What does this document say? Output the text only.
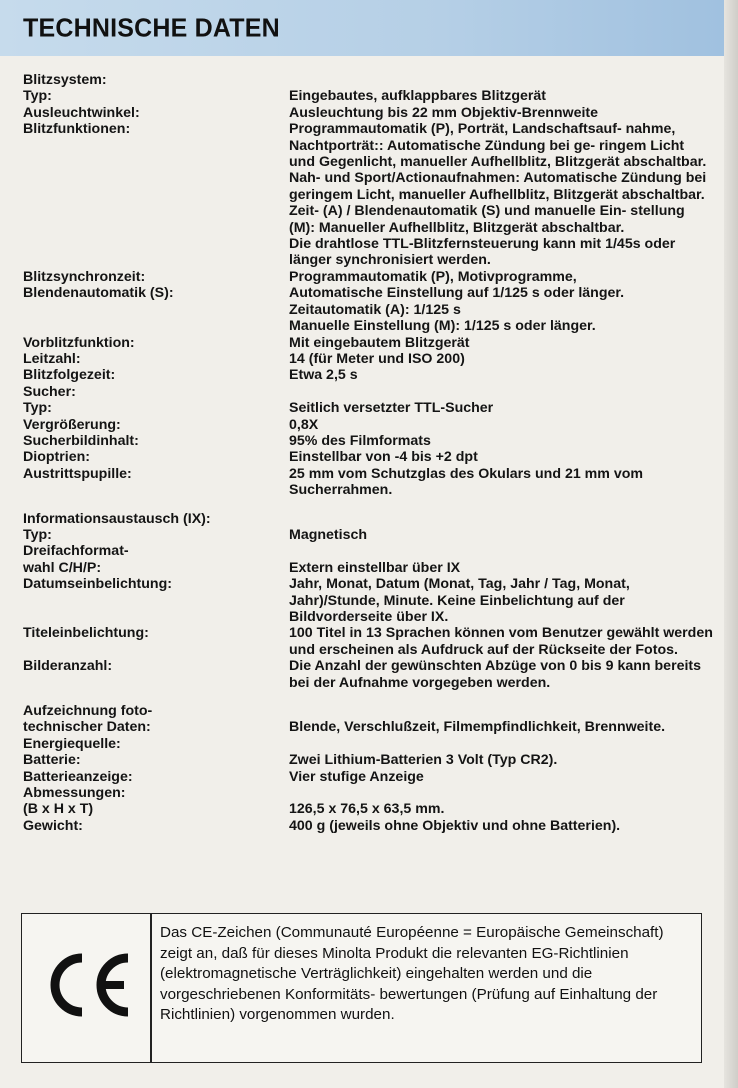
TECHNISCHE DATEN
Blitzsystem:
Typ:	Eingebautes, aufklappbares Blitzgerät
Ausleuchtwinkel:	Ausleuchtung bis 22 mm Objektiv-Brennweite
Blitzfunktionen:	Programmautomatik (P), Porträt, Landschaftsauf- nahme, Nachtporträt:: Automatische Zündung bei ge- ringem Licht und Gegenlicht, manueller Aufhellblitz, Blitzgerät abschaltbar.
Nah- und Sport/Actionaufnahmen: Automatische Zündung bei geringem Licht, manueller Aufhellblitz, Blitzgerät abschaltbar.
Zeit- (A) / Blendenautomatik (S) und manuelle Ein- stellung (M): Manueller Aufhellblitz, Blitzgerät abschaltbar.
Die drahtlose TTL-Blitzfernsteuerung kann mit 1/45s oder länger synchronisiert werden.
Blitzsynchronzeit:	Programmautomatik (P), Motivprogramme,
Blendenautomatik (S):	Automatische Einstellung auf 1/125 s oder länger.
Zeitautomatik (A): 1/125 s
Manuelle Einstellung (M): 1/125 s oder länger.
Vorblitzfunktion:	Mit eingebautem Blitzgerät
Leitzahl:	14 (für Meter und ISO 200)
Blitzfolgezeit:	Etwa 2,5 s
Sucher:
Typ:	Seitlich versetzter TTL-Sucher
Vergrößerung:	0,8X
Sucherbildinhalt:	95% des Filmformats
Dioptrien:	Einstellbar von -4 bis +2 dpt
Austrittspupille:	25 mm vom Schutzglas des Okulars und 21 mm vom Sucherrahmen.
Informationsaustausch (IX):
Typ:	Magnetisch
Dreifachformat-
wahl C/H/P:	Extern einstellbar über IX
Datumseinbelichtung:	Jahr, Monat, Datum (Monat, Tag, Jahr / Tag, Monat, Jahr)/Stunde, Minute. Keine Einbelichtung auf der Bildvorderseite über IX.
Titeleinbelichtung:	100 Titel in 13 Sprachen können vom Benutzer gewählt werden und erscheinen als Aufdruck auf der Rückseite der Fotos.
Bilderanzahl:	Die Anzahl der gewünschten Abzüge von 0 bis 9 kann bereits bei der Aufnahme vorgegeben werden.
Aufzeichnung foto-
technischer Daten:	Blende, Verschlußzeit, Filmempfindlichkeit, Brennweite.
Energiequelle:
Batterie:	Zwei Lithium-Batterien 3 Volt (Typ CR2).
Batterieanzeige:	Vier stufige Anzeige
Abmessungen:
(B x H x T)	126,5 x 76,5 x 63,5 mm.
Gewicht:	400 g (jeweils ohne Objektiv und ohne Batterien).
Das CE-Zeichen (Communauté Européenne = Europäische Gemeinschaft) zeigt an, daß für dieses Minolta Produkt die relevanten EG-Richtlinien (elektromagnetische Verträglichkeit) eingehalten werden und die vorgeschriebenen Konformitäts- bewertungen (Prüfung auf Einhaltung der Richtlinien) vorgenommen wurden.
